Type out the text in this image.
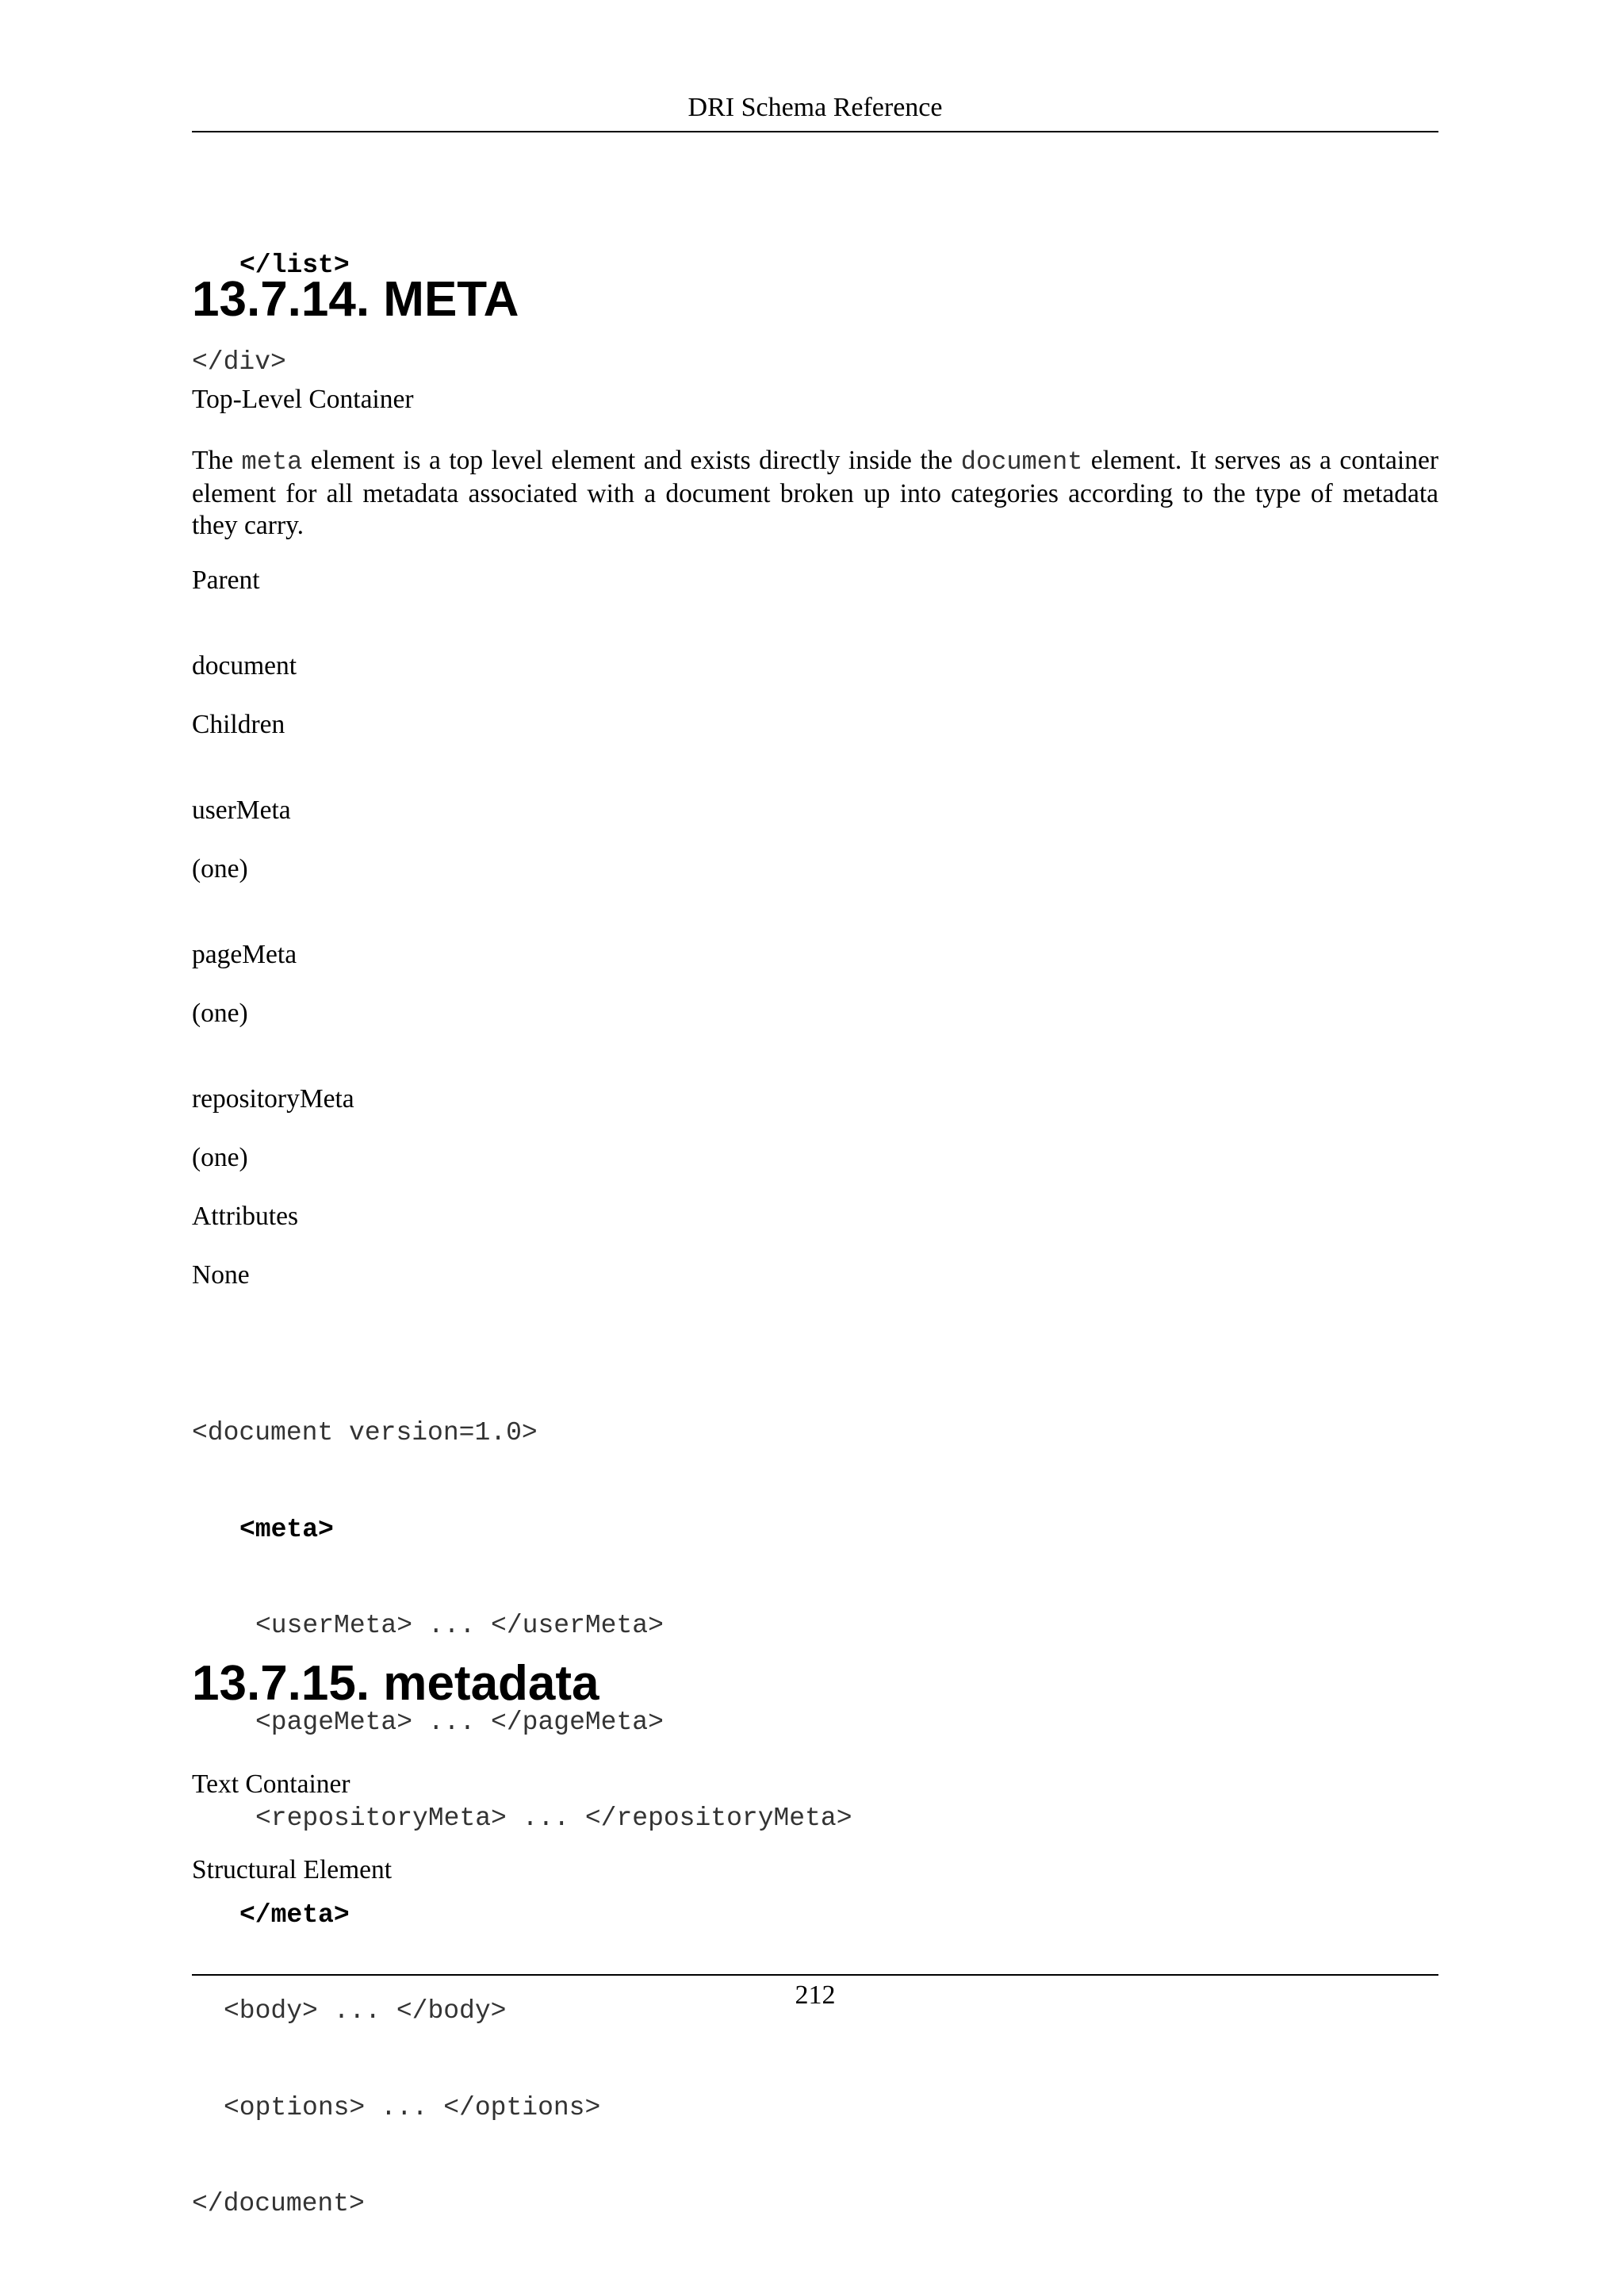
DRI Schema Reference

</list>

</div>

13.7.14. META
Top-Level Container
The meta element is a top level element and exists directly inside the document element. It serves as a container element for all metadata associated with a document broken up into categories according to the type of metadata they carry.
Parent
document
Children
userMeta
(one)
pageMeta
(one)
repositoryMeta
(one)
Attributes
None

<document version=1.0>

<meta>

<userMeta> ... </userMeta>

<pageMeta> ... </pageMeta>

<repositoryMeta> ... </repositoryMeta>

</meta>

<body> ... </body>

<options> ... </options>

</document>

13.7.15. metadata
Text Container
Structural Element
212
